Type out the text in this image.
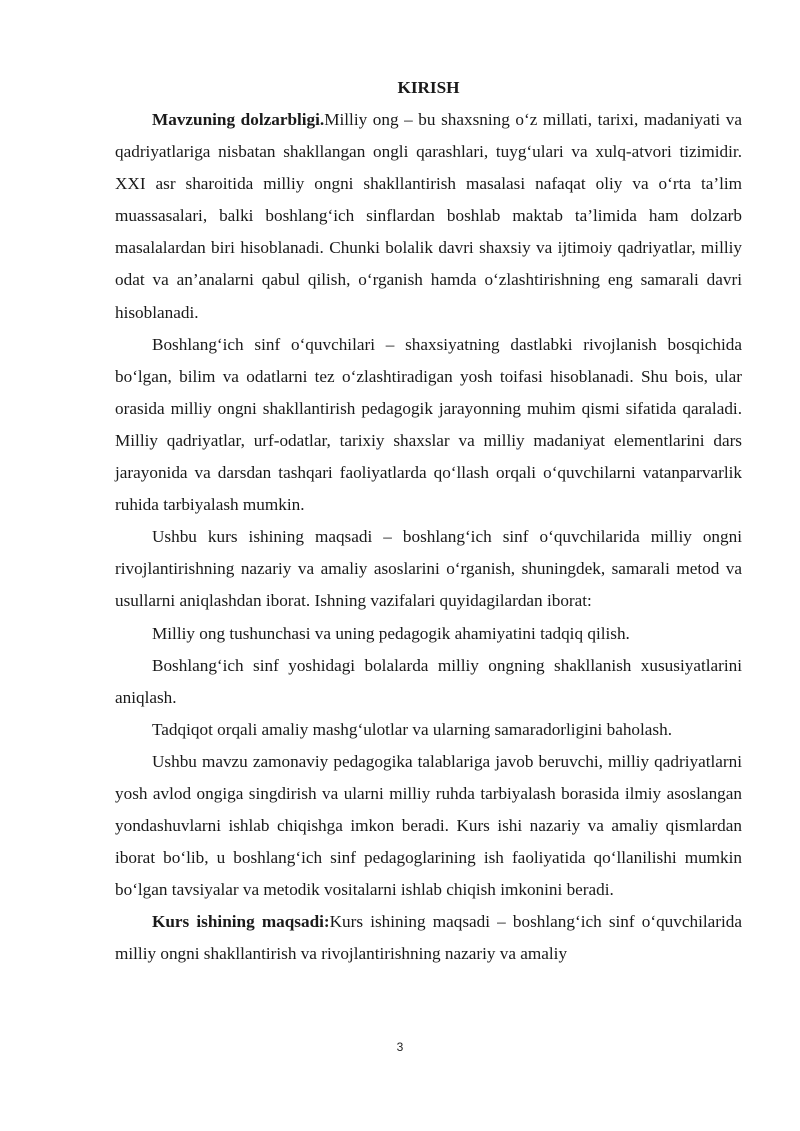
KIRISH

Mavzuning dolzarbligi.Milliy ong – bu shaxsning o‘z millati, tarixi, madaniyati va qadriyatlariga nisbatan shakllangan ongli qarashlari, tuyg‘ulari va xulq-atvori tizimidir. XXI asr sharoitida milliy ongni shakllantirish masalasi nafaqat oliy va o‘rta ta’lim muassasalari, balki boshlang‘ich sinflardan boshlab maktab ta’limida ham dolzarb masalalardan biri hisoblanadi. Chunki bolalik davri shaxsiy va ijtimoiy qadriyatlar, milliy odat va an’analarni qabul qilish, o‘rganish hamda o‘zlashtirishning eng samarali davri hisoblanadi.

Boshlang‘ich sinf o‘quvchilari – shaxsiyatning dastlabki rivojlanish bosqichida bo‘lgan, bilim va odatlarni tez o‘zlashtiradigan yosh toifasi hisoblanadi. Shu bois, ular orasida milliy ongni shakllantirish pedagogik jarayonning muhim qismi sifatida qaraladi. Milliy qadriyatlar, urf-odatlar, tarixiy shaxslar va milliy madaniyat elementlarini dars jarayonida va darsdan tashqari faoliyatlarda qo‘llash orqali o‘quvchilarni vatanparvarlik ruhida tarbiyalash mumkin.

Ushbu kurs ishining maqsadi – boshlang‘ich sinf o‘quvchilarida milliy ongni rivojlantirishning nazariy va amaliy asoslarini o‘rganish, shuningdek, samarali metod va usullarni aniqlashdan iborat. Ishning vazifalari quyidagilardan iborat:

Milliy ong tushunchasi va uning pedagogik ahamiyatini tadqiq qilish.

Boshlang‘ich sinf yoshidagi bolalarda milliy ongning shakllanish xususiyatlarini aniqlash.

Tadqiqot orqali amaliy mashg‘ulotlar va ularning samaradorligini baholash.

Ushbu mavzu zamonaviy pedagogika talablariga javob beruvchi, milliy qadriyatlarni yosh avlod ongiga singdirish va ularni milliy ruhda tarbiyalash borasida ilmiy asoslangan yondashuvlarni ishlab chiqishga imkon beradi. Kurs ishi nazariy va amaliy qismlardan iborat bo‘lib, u boshlang‘ich sinf pedagoglarining ish faoliyatida qo‘llanilishi mumkin bo‘lgan tavsiyalar va metodik vositalarni ishlab chiqish imkonini beradi.

Kurs ishining maqsadi:Kurs ishining maqsadi – boshlang‘ich sinf o‘quvchilarida milliy ongni shakllantirish va rivojlantirishning nazariy va amaliy

3
